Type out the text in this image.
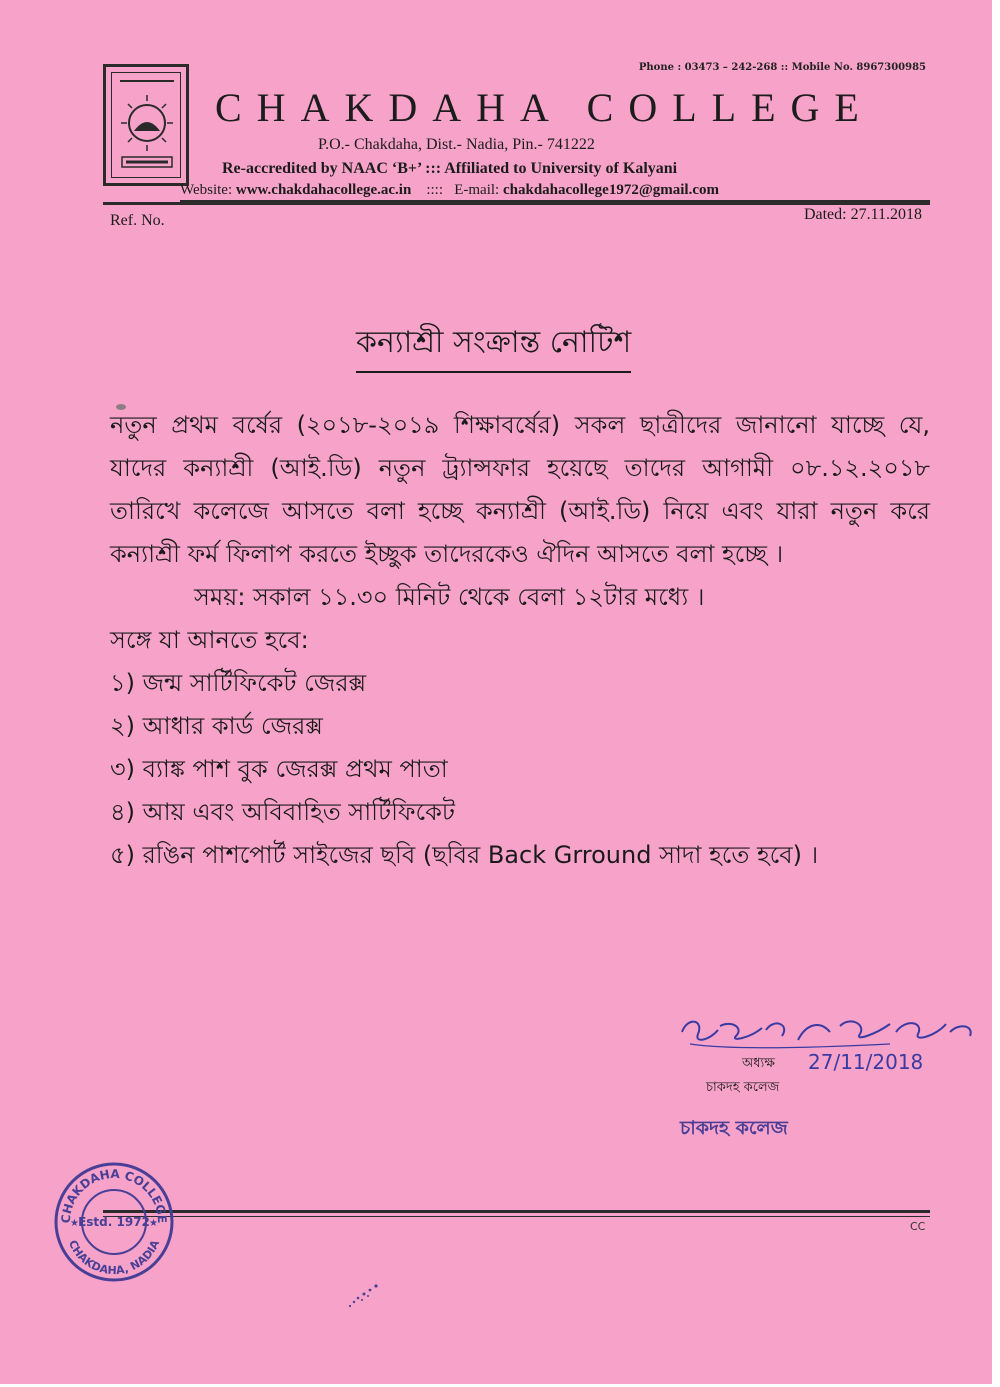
Phone : 03473 – 242-268 :: Mobile No. 8967300985
CHAKDAHA COLLEGE
P.O.- Chakdaha, Dist.- Nadia, Pin.- 741222
Re-accredited by NAAC ‘B+’ ::: Affiliated to University of Kalyani
Website: www.chakdahacollege.ac.in :::: E-mail: chakdahacollege1972@gmail.com
Ref. No.	Dated: 27.11.2018
কন্যাশ্রী সংক্রান্ত নোটিশ

নতুন প্রথম বর্ষের (২০১৮-২০১৯ শিক্ষাবর্ষের) সকল ছাত্রীদের জানানো যাচ্ছে যে, যাদের কন্যাশ্রী (আই.ডি) নতুন ট্র্যান্সফার হয়েছে তাদের আগামী ০৮.১২.২০১৮ তারিখে কলেজে আসতে বলা হচ্ছে কন্যাশ্রী (আই.ডি) নিয়ে এবং যারা নতুন করে কন্যাশ্রী ফর্ম ফিলাপ করতে ইচ্ছুক তাদেরকেও ঐদিন আসতে বলা হচ্ছে ।

সময়: সকাল ১১.৩০ মিনিট থেকে বেলা ১২টার মধ্যে ।

সঙ্গে যা আনতে হবে:

১) জন্ম সার্টিফিকেট জেরক্স
২) আধার কার্ড জেরক্স
৩) ব্যাঙ্ক পাশ বুক জেরক্স প্রথম পাতা
৪) আয় এবং অবিবাহিত সার্টিফিকেট
৫) রঙিন পাশপোর্ট সাইজের ছবি (ছবির Back Grround সাদা হতে হবে) ।
অধ্যক্ষ 27/11/2018
চাকদহ কলেজ
চাকদহ কলেজ
CC
CHAKDAHA COLLEGE
CHAKDAHA, NADIA
Estd. 1972
★	★
